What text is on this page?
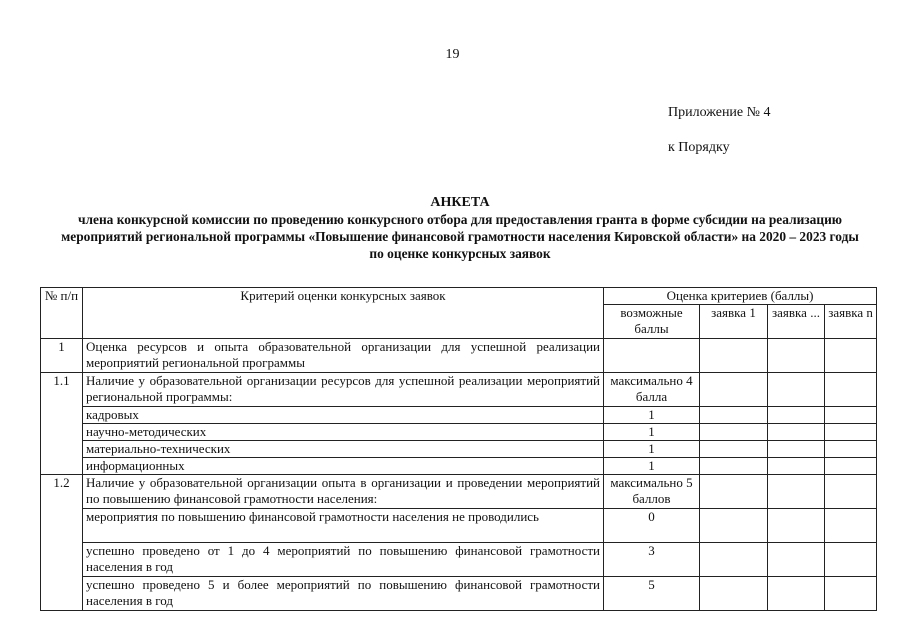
19
Приложение № 4
к Порядку
АНКЕТА
члена конкурсной комиссии по проведению конкурсного отбора для предоставления гранта в форме субсидии на реализацию мероприятий региональной программы «Повышение финансовой грамотности населения Кировской области» на 2020 – 2023 годы по оценке конкурсных заявок
№ п/п	Критерий оценки конкурсных заявок	Оценка критериев (баллы)			
		возможные баллы	заявка 1	заявка ...	заявка n
1	Оценка ресурсов и опыта образовательной организации для успешной реализации мероприятий региональной программы				
1.1	Наличие у образовательной организации ресурсов для успешной реализации мероприятий региональной программы:	максимально 4 балла			
	кадровых	1			
	научно-методических	1			
	материально-технических	1			
	информационных	1			
1.2	Наличие у образовательной организации опыта в организации и проведении мероприятий по повышению финансовой грамотности населения:	максимально 5 баллов			
	мероприятия по повышению финансовой грамотности населения не проводились	0			
	успешно проведено от 1 до 4 мероприятий по повышению финансовой грамотности населения в год	3			
	успешно проведено 5 и более мероприятий по повышению финансовой грамотности населения в год	5			
